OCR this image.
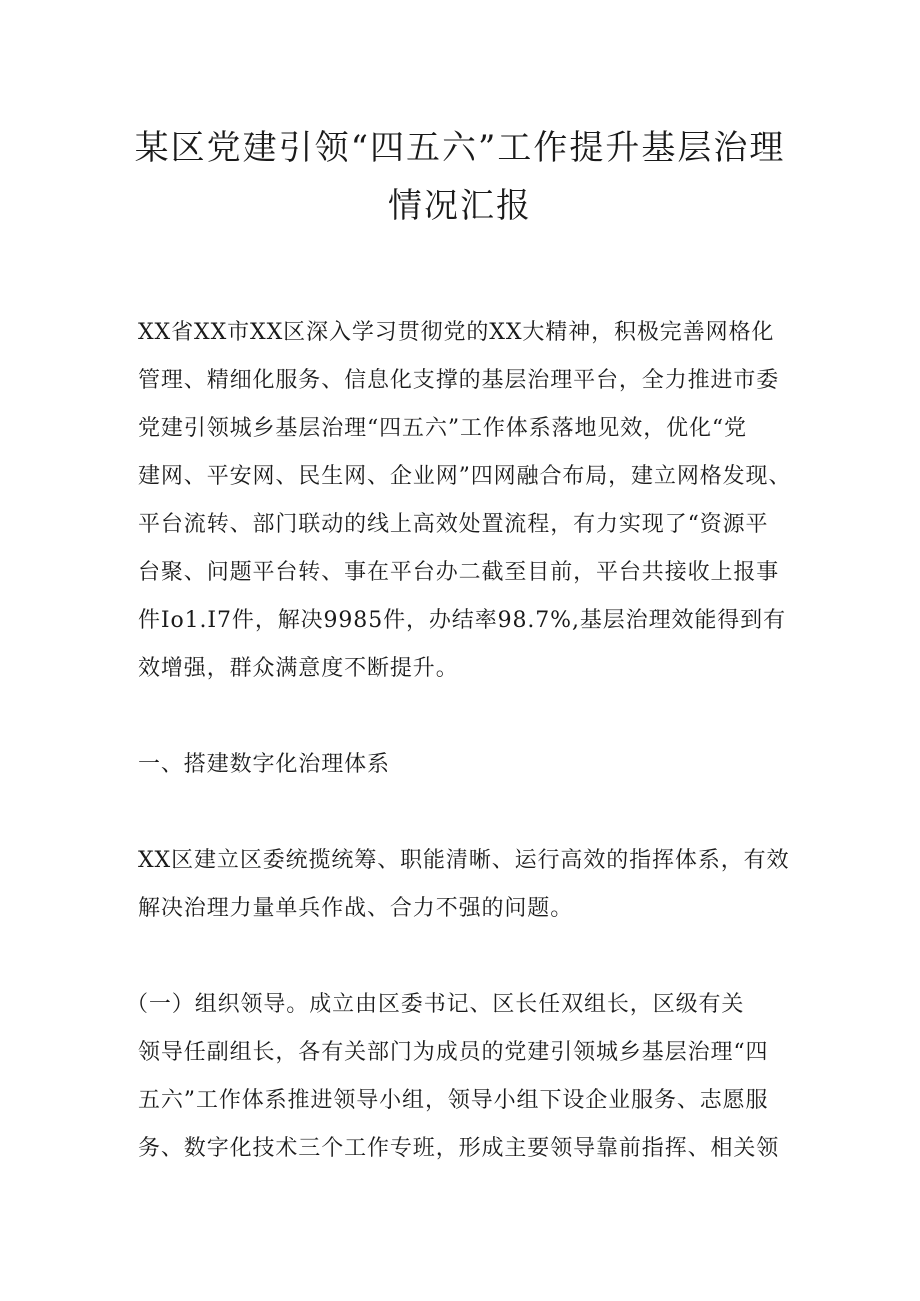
某区党建引领“四五六”工作提升基层治理
情况汇报
XX省XX市XX区深入学习贯彻党的XX大精神，积极完善网格化
管理、精细化服务、信息化支撑的基层治理平台，全力推进市委
党建引领城乡基层治理“四五六”工作体系落地见效，优化“党
建网、平安网、民生网、企业网”四网融合布局，建立网格发现、
平台流转、部门联动的线上高效处置流程，有力实现了“资源平
台聚、问题平台转、事在平台办二截至目前，平台共接收上报事
件Io1.I7件，解决9985件，办结率98.7%,基层治理效能得到有
效增强，群众满意度不断提升。
一、搭建数字化治理体系
XX区建立区委统揽统筹、职能清晰、运行高效的指挥体系，有效
解决治理力量单兵作战、合力不强的问题。
（一）组织领导。成立由区委书记、区长任双组长，区级有关
领导任副组长，各有关部门为成员的党建引领城乡基层治理“四
五六”工作体系推进领导小组，领导小组下设企业服务、志愿服
务、数字化技术三个工作专班，形成主要领导靠前指挥、相关领
